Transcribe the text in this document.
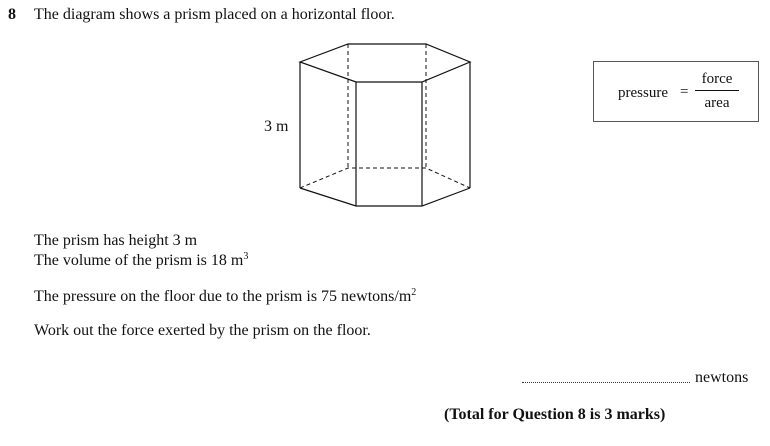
8 The diagram shows a prism placed on a horizontal floor.
3 m
pressure =
force
area
The prism has height 3 m
The volume of the prism is 18 $m^3$
The pressure on the floor due to the prism is 75 newtons/$m^2$
Work out the force exerted by the prism on the floor.
newtons
(Total for Question 8 is 3 marks)
